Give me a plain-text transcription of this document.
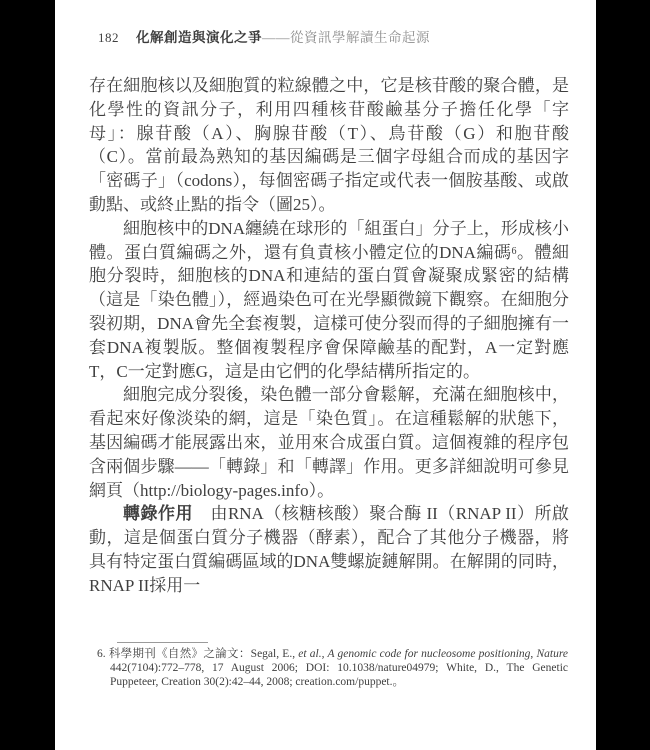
182 化解創造與演化之爭——從資訊學解讀生命起源

存在細胞核以及細胞質的粒線體之中，它是核苷酸的聚合體，是化學性的資訊分子，利用四種核苷酸鹼基分子擔任化學「字母」：腺苷酸（A）、胸腺苷酸（T）、鳥苷酸（G）和胞苷酸（C）。當前最為熟知的基因編碼是三個字母組合而成的基因字「密碼子」（codons），每個密碼子指定或代表一個胺基酸、或啟動點、或終止點的指令（圖25）。

細胞核中的DNA纏繞在球形的「組蛋白」分子上，形成核小體。蛋白質編碼之外，還有負責核小體定位的DNA編碼$^6$。體細胞分裂時，細胞核的DNA和連結的蛋白質會凝聚成緊密的結構（這是「染色體」），經過染色可在光學顯微鏡下觀察。在細胞分裂初期，DNA會先全套複製，這樣可使分裂而得的子細胞擁有一套DNA複製版。整個複製程序會保障鹼基的配對，A一定對應T，C一定對應G，這是由它們的化學結構所指定的。

細胞完成分裂後，染色體一部分會鬆解，充滿在細胞核中，看起來好像淡染的網，這是「染色質」。在這種鬆解的狀態下，基因編碼才能展露出來，並用來合成蛋白質。這個複雜的程序包含兩個步驟——「轉錄」和「轉譯」作用。更多詳細說明可參見網頁（http://biology-pages.info）。

轉錄作用　由RNA（核糖核酸）聚合酶 II（RNAP II）所啟動，這是個蛋白質分子機器（酵素），配合了其他分子機器，將具有特定蛋白質編碼區域的DNA雙螺旋鏈解開。在解開的同時，RNAP II採用一

6. 科學期刊《自然》之論文：Segal, E., et al., A genomic code for nucleosome positioning, Nature 442(7104):772–778, 17 August 2006; DOI: 10.1038/nature04979; White, D., The Genetic Puppeteer, Creation 30(2):42–44, 2008; creation.com/puppet.。
